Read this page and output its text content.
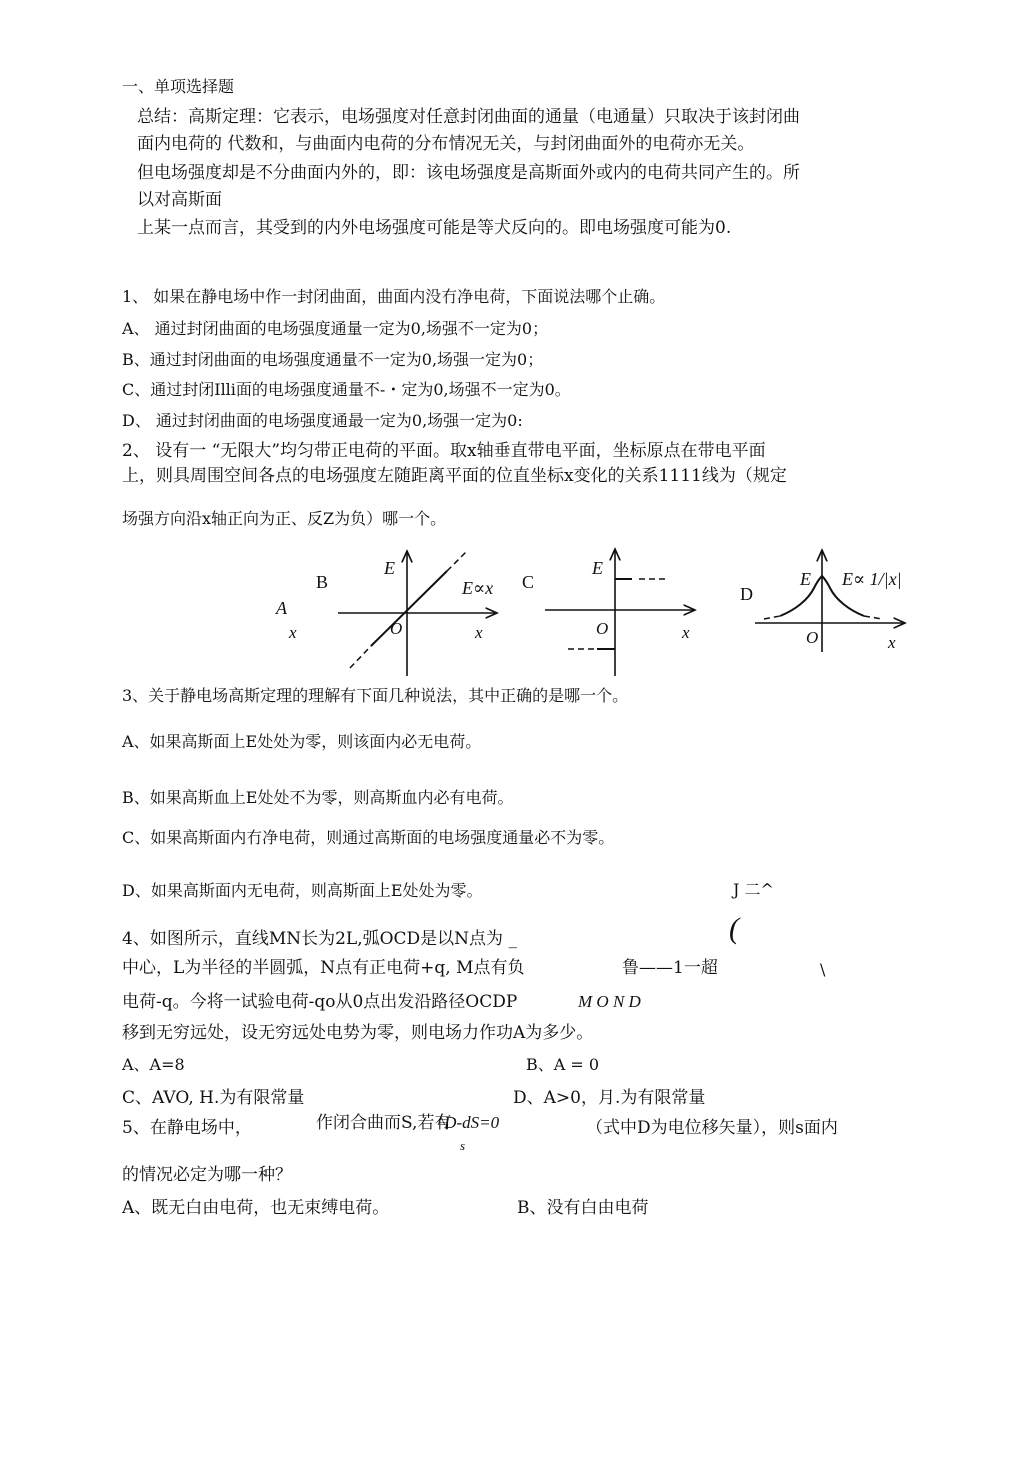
一、单项选择题
总结：高斯定理：它表示，电场强度对任意封闭曲面的通量（电通量）只取决于该封闭曲
面内电荷的 代数和，与曲面内电荷的分布情况无关，与封闭曲面外的电荷亦无关。
但电场强度却是不分曲面内外的，即：该电场强度是高斯面外或内的电荷共同产生的。所
以对高斯面
上某一点而言，其受到的内外电场强度可能是等犬反向的。即电场强度可能为0.
1、 如果在静电场中作一封闭曲面，曲面内没冇净电荷，下面说法哪个止确。
A、 通过封闭曲面的电场强度通量一定为0,场强不一定为0；
B、通过封闭曲面的电场强度通量不一定为0,场强一定为0；
C、通过封闭Illi面的电场强度通量不-・定为0,场强不一定为0。
D、 通过封闭曲面的电场强度通最一定为0,场强一定为0:
2、 设有一 “无限大”均匀带正电荷的平面。取x轴垂直带电平面，坐标原点在带电平面
上，则具周围空间各点的电场强度左随距离平面的位直坐标x变化的关系1111线为（规定
场强方向沿x轴正向为正、反Z为负）哪一个。
A
x
B
E
x
O
E∝x C
E
x
O
D
E
x
O
E∝ 1/|x|
3、关于静电场高斯定理的理解有下面几种说法，其中正确的是哪一个。
A、如果高斯面上E处处为零，则该面内必无电荷。
B、如果高斯血上E处处不为零，则高斯血内必有电荷。
C、如果高斯面内冇净电荷，则通过高斯面的电场强度通量必不为零。
D、如果高斯面内无电荷，则高斯面上E处处为零。	J 二^
(
4、如图所示，直线MN长为2L,弧OCD是以N点为 _
中心，L为半径的半圆弧，N点有正电荷+q, M点有负	鲁——1一超	\
电荷-q。今将一试验电荷-qo从0点出发沿路径OCDP	M O N D
移到无穷远处，设无穷远处电势为零，则电场力作功A为多少。
A、A=8	B、A = 0
C、AVO, H.为有限常量	D、A>0，月.为有限常量
5、在静电场中，	作闭合曲而S,若有
^D-dS=0
s
（式中D为电位移矢量），则s面内
的情况必定为哪一种？
A、既无白由电荷，也无束缚电荷。	B、没有白由电荷
